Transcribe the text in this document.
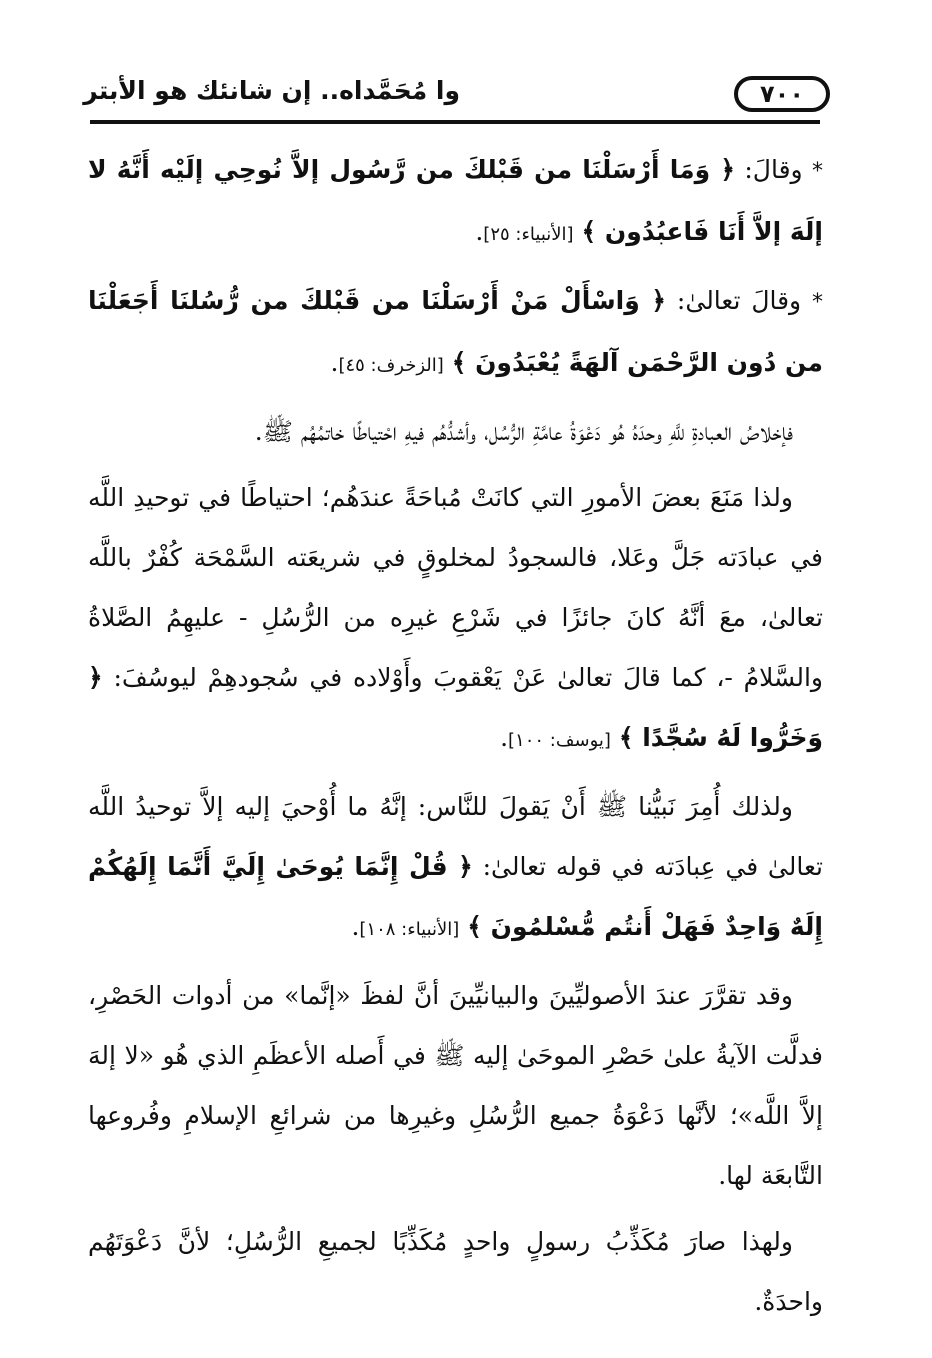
٧٠٠
وا مُحَمَّداه.. إن شانئك هو الأبتر

* وقالَ: ﴿ وَمَا أَرْسَلْنَا من قَبْلكَ من رَّسُول إلاَّ نُوحِي إلَيْه أَنَّهُ لا إلَهَ إلاَّ أَنَا فَاعبُدُون ﴾ [الأنبياء: ٢٥].

* وقالَ تعالىٰ: ﴿ وَاسْأَلْ مَنْ أَرْسَلْنَا من قَبْلكَ من رُّسُلنَا أَجَعَلْنَا من دُون الرَّحْمَن آلهَةً يُعْبَدُونَ ﴾ [الزخرف: ٤٥].

فإخلاصُ العبادةِ للَّهِ وحدَهُ هُو دَعْوَةُ عامَّةِ الرُّسُل، وأشدُّهُم فيهِ احْتياطًا خاتمُهُم ﷺ.

ولذا مَنَعَ بعضَ الأمورِ التي كانَتْ مُباحَةً عندَهُم؛ احتياطًا في توحيدِ اللَّه في عبادَته جَلَّ وعَلا، فالسجودُ لمخلوقٍ في شريعَته السَّمْحَة كُفْرٌ باللَّه تعالىٰ، معَ أنَّهُ كانَ جائزًا في شَرْعِ غيرِه من الرُّسُلِ - عليهِمُ الصَّلاةُ والسَّلامُ -، كما قالَ تعالىٰ عَنْ يَعْقوبَ وأَوْلاده في سُجودهِمْ ليوسُفَ: ﴿ وَخَرُّوا لَهُ سُجَّدًا ﴾ [يوسف: ١٠٠].

ولذلك أُمِرَ نَبيُّنا ﷺ أَنْ يَقولَ للنَّاس: إنَّهُ ما أُوْحيَ إليه إلاَّ توحيدُ اللَّه تعالىٰ في عِبادَته في قوله تعالىٰ: ﴿ قُلْ إِنَّمَا يُوحَىٰ إِلَيَّ أَنَّمَا إِلَهُكُمْ إِلَهٌ وَاحِدٌ فَهَلْ أَنتُم مُّسْلمُونَ ﴾ [الأنبياء: ١٠٨].

وقد تقرَّرَ عندَ الأصوليِّينَ والبيانيِّينَ أنَّ لفظَ «إنَّما» من أدوات الحَصْرِ، فدلَّت الآيةُ علىٰ حَصْرِ الموحَىٰ إليه ﷺ في أَصله الأعظَمِ الذي هُو «لا إلهَ إلاَّ اللَّه»؛ لأنَّها دَعْوَةُ جميع الرُّسُلِ وغيرِها من شرائعِ الإسلامِ وفُروعها التَّابعَة لها.

ولهذا صارَ مُكَذِّبُ رسولٍ واحدٍ مُكَذِّبًا لجميعِ الرُّسُلِ؛ لأنَّ دَعْوَتَهُم واحدَةٌ.
